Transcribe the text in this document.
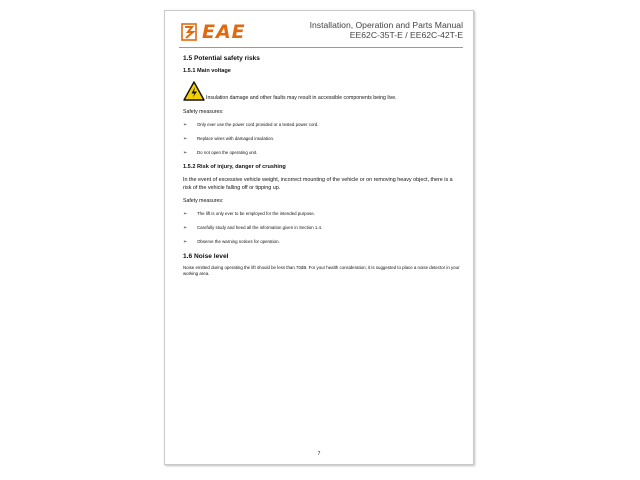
EAE	Installation, Operation and Parts Manual
EE62C-35T-E / EE62C-42T-E
1.5 Potential safety risks
1.5.1 Main voltage
Insulation damage and other faults may result in accessible components being live.

Safety measures:

➢	Only ever use the power cord provided or a tested power cord.
➢	Replace wires with damaged insulation.
➢	Do not open the operating unit.
1.5.2 Risk of injury, danger of crushing

In the event of excessive vehicle weight, incorrect mounting of the vehicle or on removing heavy object, there is a risk of the vehicle falling off or tipping up.

Safety measures:

➢	The lift is only ever to be employed for the intended purpose.
➢	Carefully study and heed all the information given in Section 1.4.
➢	Observe the warning notices for operation.
1.6 Noise level

Noise emitted during operating the lift should be less than 70dB. For your health consideration, it is suggested to place a noise detector in your working area.

7
